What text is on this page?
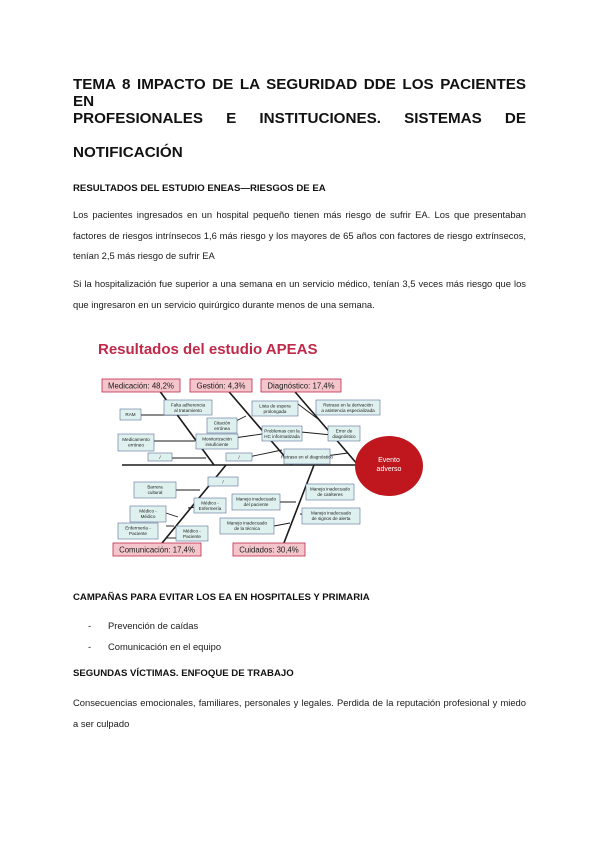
TEMA 8 IMPACTO DE LA SEGURIDAD DDE LOS PACIENTES EN
PROFESIONALES E INSTITUCIONES. SISTEMAS DE
NOTIFICACIÓN
RESULTADOS DEL ESTUDIO ENEAS—RIESGOS DE EA
Los pacientes ingresados en un hospital pequeño tienen más riesgo de sufrir EA. Los que presentaban factores de riesgos intrínsecos 1,6 más riesgo y los mayores de 65 años con factores de riesgo extrínsecos, tenían 2,5 más riesgo de sufrir EA
Si la hospitalización fue superior a una semana en un servicio médico, tenían 3,5 veces más riesgo que los que ingresaron en un servicio quirúrgico durante menos de una semana.
Resultados del estudio APEAS
Evento
adverso
Medicación: 48,2%	Gestión: 4,3%	Diagnóstico: 17,4%
Comunicación: 17,4%	Cuidados: 30,4%
Falta adherencia
al tratamiento
RAM
Medicamento
erróneo
/
Citación
errónea
Monitorización
insuficiente
/
Lista de espera
prolongada
Problemas con la
HC informatizada
Retraso en el diagnóstico
Retraso en la derivación
a asistencia especializada
Error de
diagnóstico
Barrera
cultural
/
Médico -
Médico
Médico -
Enfermería
Enfermería -
Paciente	Médico -
Paciente
Manejo inadecuado
del paciente
Manejo inadecuado
de la técnica
Manejo inadecuado
de catéteres
Manejo inadecuado
de signos de alerta
CAMPAÑAS PARA EVITAR LOS EA EN HOSPITALES Y PRIMARIA
- Prevención de caídas
- Comunicación en el equipo
SEGUNDAS VÍCTIMAS. ENFOQUE DE TRABAJO
Consecuencias emocionales, familiares, personales y legales. Perdida de la reputación profesional y miedo a ser culpado
